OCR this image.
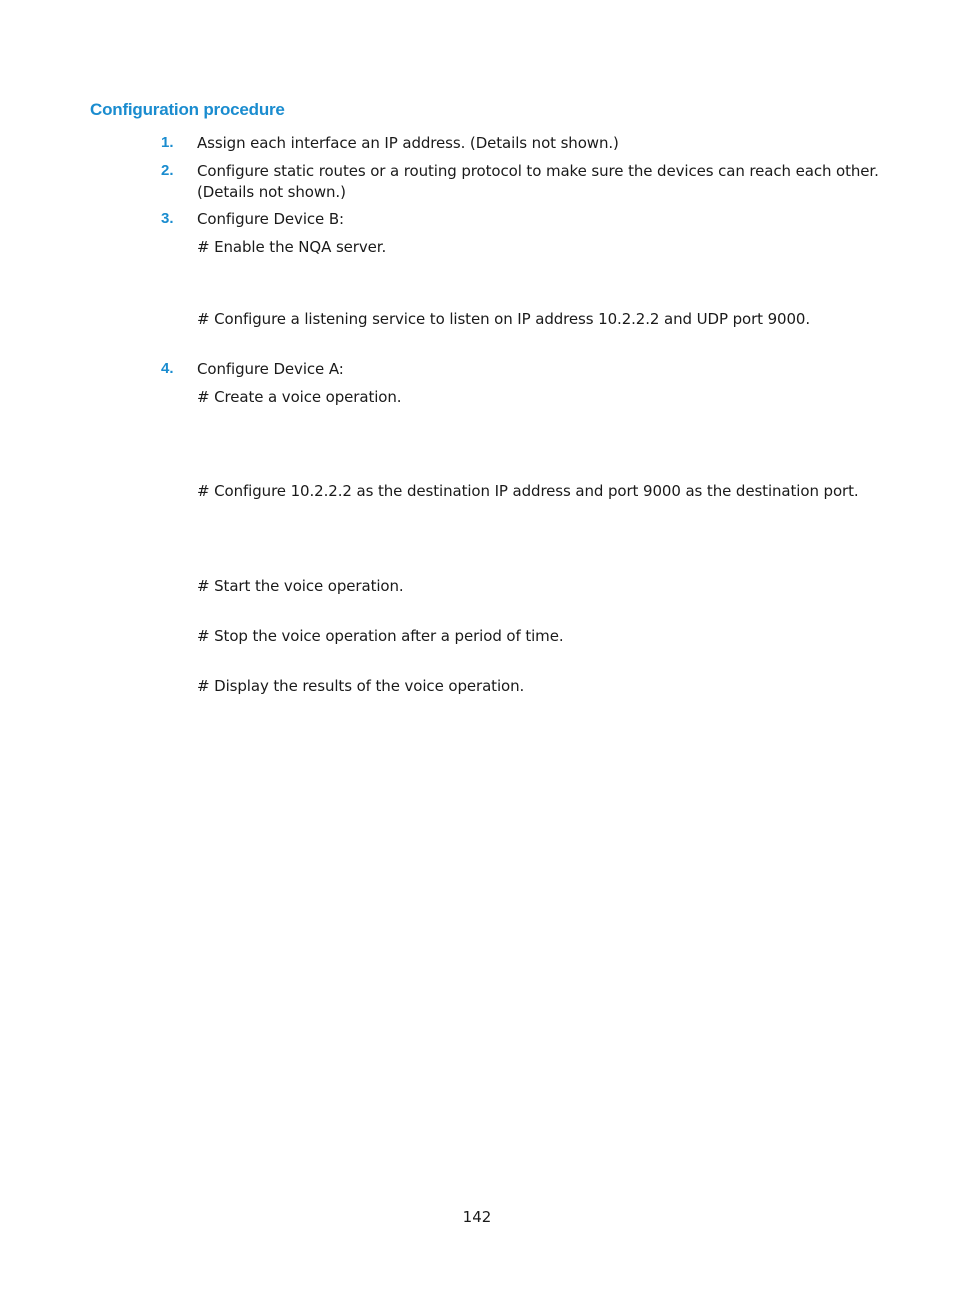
Configuration procedure
1. Assign each interface an IP address. (Details not shown.)
2. Configure static routes or a routing protocol to make sure the devices can reach each other.
(Details not shown.)
3. Configure Device B:
# Enable the NQA server.
# Configure a listening service to listen on IP address 10.2.2.2 and UDP port 9000.
4. Configure Device A:
# Create a voice operation.
# Configure 10.2.2.2 as the destination IP address and port 9000 as the destination port.
# Start the voice operation.
# Stop the voice operation after a period of time.
# Display the results of the voice operation.
142
